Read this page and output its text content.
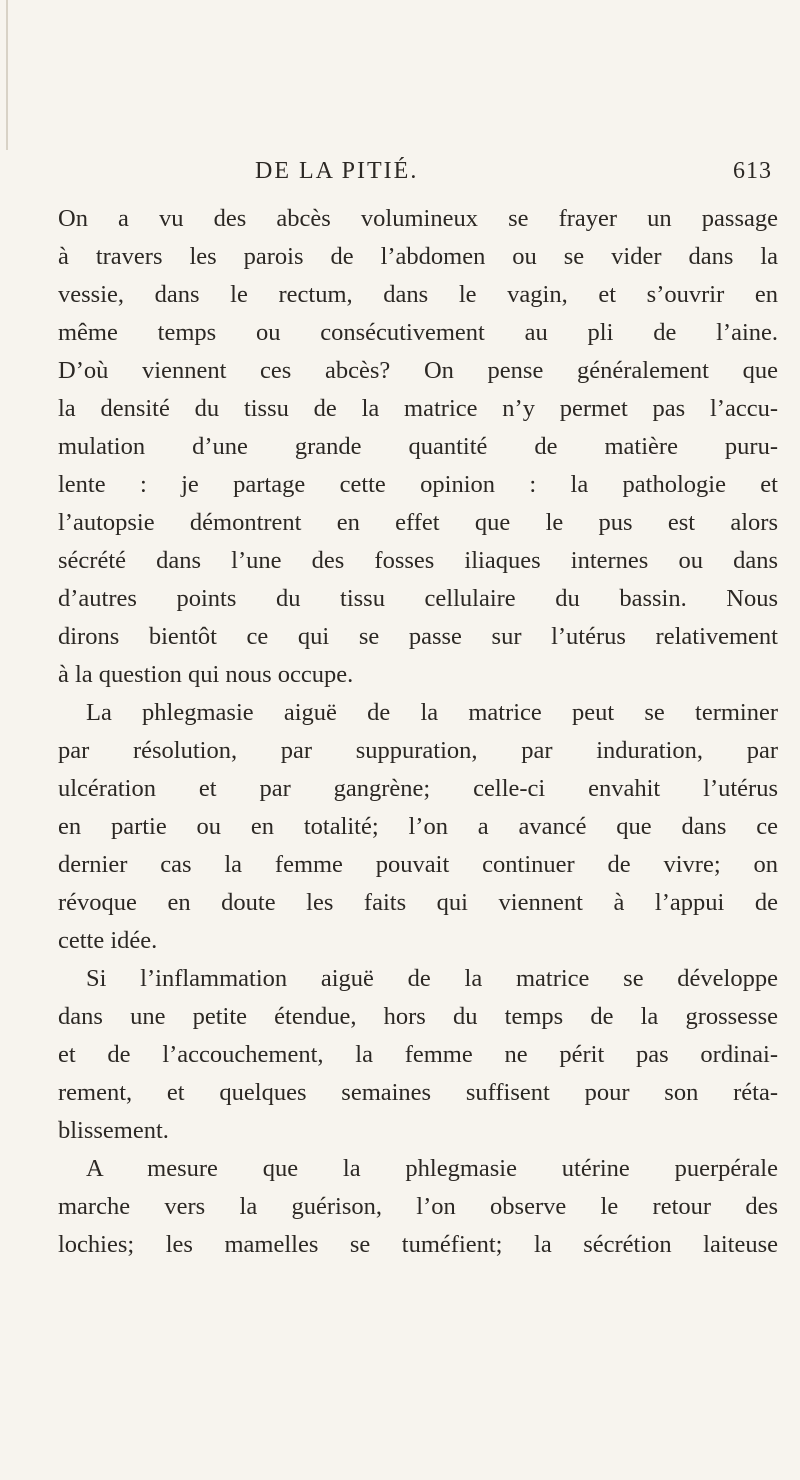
DE LA PITIÉ.	613
On a vu des abcès volumineux se frayer un passage
à travers les parois de l’abdomen ou se vider dans la
vessie, dans le rectum, dans le vagin, et s’ouvrir en
même temps ou consécutivement au pli de l’aine.
D’où viennent ces abcès? On pense généralement que
la densité du tissu de la matrice n’y permet pas l’accu-
mulation d’une grande quantité de matière puru-
lente : je partage cette opinion : la pathologie et
l’autopsie démontrent en effet que le pus est alors
sécrété dans l’une des fosses iliaques internes ou dans
d’autres points du tissu cellulaire du bassin. Nous
dirons bientôt ce qui se passe sur l’utérus relativement
à la question qui nous occupe.
La phlegmasie aiguë de la matrice peut se terminer
par résolution, par suppuration, par induration, par
ulcération et par gangrène; celle-ci envahit l’utérus
en partie ou en totalité; l’on a avancé que dans ce
dernier cas la femme pouvait continuer de vivre; on
révoque en doute les faits qui viennent à l’appui de
cette idée.
Si l’inflammation aiguë de la matrice se développe
dans une petite étendue, hors du temps de la grossesse
et de l’accouchement, la femme ne périt pas ordinai-
rement, et quelques semaines suffisent pour son réta-
blissement.
A mesure que la phlegmasie utérine puerpérale
marche vers la guérison, l’on observe le retour des
lochies; les mamelles se tuméfient; la sécrétion laiteuse
